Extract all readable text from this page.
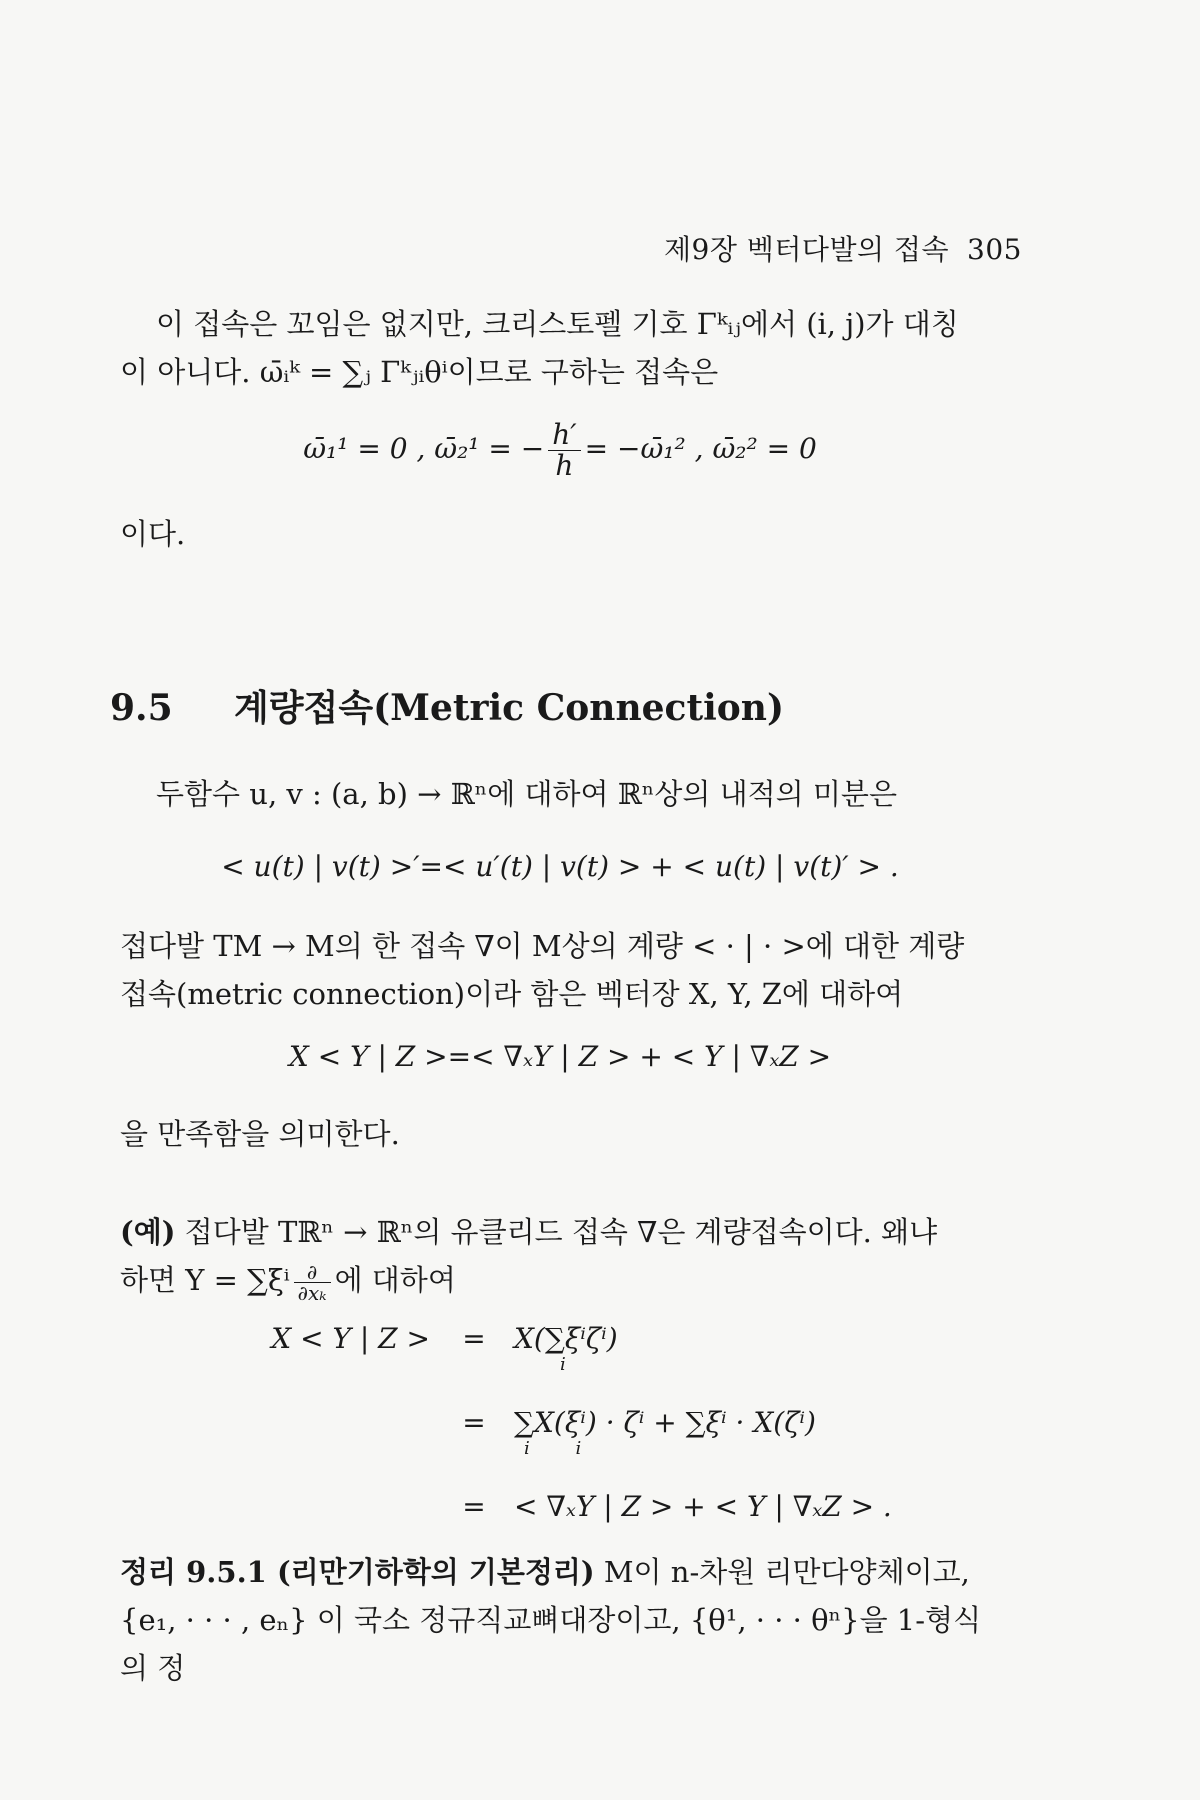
제9장 벡터다발의 접속 305
이 접속은 꼬임은 없지만, 크리스토펠 기호 Γᵏᵢⱼ에서 (i, j)가 대칭
이 아니다. ω̄ᵢᵏ = ∑ⱼ Γᵏⱼᵢθⁱ이므로 구하는 접속은
ω̄₁¹ = 0 , ω̄₂¹ = − $\frac{h'}{h}$ = −ω̄₁² , ω̄₂² = 0
이다.
9.5 계량접속(Metric Connection)
두함수 u, v : (a, b) → ℝⁿ에 대하여 ℝⁿ상의 내적의 미분은
< u(t) | v(t) >′=< u′(t) | v(t) > + < u(t) | v(t)′ > .
접다발 TM → M의 한 접속 ∇이 M상의 계량 < · | · >에 대한 계량
접속(metric connection)이라 함은 벡터장 X, Y, Z에 대하여
X < Y | Z >=< ∇ₓY | Z > + < Y | ∇ₓZ >
을 만족함을 의미한다.
(예) 접다발 Tℝⁿ → ℝⁿ의 유클리드 접속 ∇은 계량접속이다. 왜냐
하면 $Y = \sum\xi^i \frac{\partial}{\text{∂xₖ}}$ 에 대하여
X < Y | Z >	=	X(∑ξⁱζⁱ)
i

	=	∑X(ξⁱ) · ζⁱ + ∑ξⁱ · X(ζⁱ)
i        i

	=	< ∇ₓY | Z > + < Y | ∇ₓZ > .
정리 9.5.1 (리만기하학의 기본정리) M이 n-차원 리만다양체이고,
{e₁, · · · , eₙ} 이 국소 정규직교뼈대장이고, {θ¹, · · · θⁿ}을 1-형식의 정
